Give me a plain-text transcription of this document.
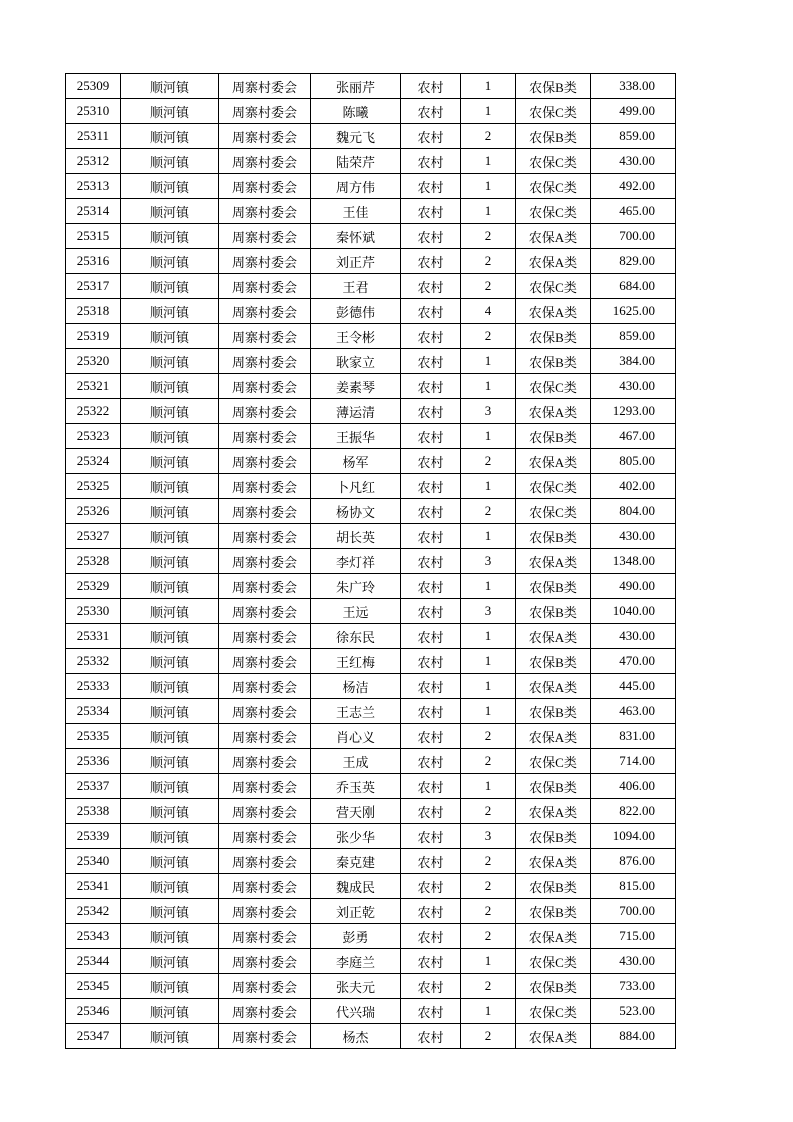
25309	顺河镇	周寨村委会	张丽芹	农村	1	农保B类	338.00
25310	顺河镇	周寨村委会	陈曦	农村	1	农保C类	499.00
25311	顺河镇	周寨村委会	魏元飞	农村	2	农保B类	859.00
25312	顺河镇	周寨村委会	陆荣芹	农村	1	农保C类	430.00
25313	顺河镇	周寨村委会	周方伟	农村	1	农保C类	492.00
25314	顺河镇	周寨村委会	王佳	农村	1	农保C类	465.00
25315	顺河镇	周寨村委会	秦怀斌	农村	2	农保A类	700.00
25316	顺河镇	周寨村委会	刘正芹	农村	2	农保A类	829.00
25317	顺河镇	周寨村委会	王君	农村	2	农保C类	684.00
25318	顺河镇	周寨村委会	彭德伟	农村	4	农保A类	1625.00
25319	顺河镇	周寨村委会	王令彬	农村	2	农保B类	859.00
25320	顺河镇	周寨村委会	耿家立	农村	1	农保B类	384.00
25321	顺河镇	周寨村委会	姜素琴	农村	1	农保C类	430.00
25322	顺河镇	周寨村委会	薄运清	农村	3	农保A类	1293.00
25323	顺河镇	周寨村委会	王振华	农村	1	农保B类	467.00
25324	顺河镇	周寨村委会	杨军	农村	2	农保A类	805.00
25325	顺河镇	周寨村委会	卜凡红	农村	1	农保C类	402.00
25326	顺河镇	周寨村委会	杨协文	农村	2	农保C类	804.00
25327	顺河镇	周寨村委会	胡长英	农村	1	农保B类	430.00
25328	顺河镇	周寨村委会	李灯祥	农村	3	农保A类	1348.00
25329	顺河镇	周寨村委会	朱广玲	农村	1	农保B类	490.00
25330	顺河镇	周寨村委会	王远	农村	3	农保B类	1040.00
25331	顺河镇	周寨村委会	徐东民	农村	1	农保A类	430.00
25332	顺河镇	周寨村委会	王红梅	农村	1	农保B类	470.00
25333	顺河镇	周寨村委会	杨洁	农村	1	农保A类	445.00
25334	顺河镇	周寨村委会	王志兰	农村	1	农保B类	463.00
25335	顺河镇	周寨村委会	肖心义	农村	2	农保A类	831.00
25336	顺河镇	周寨村委会	王成	农村	2	农保C类	714.00
25337	顺河镇	周寨村委会	乔玉英	农村	1	农保B类	406.00
25338	顺河镇	周寨村委会	营天刚	农村	2	农保A类	822.00
25339	顺河镇	周寨村委会	张少华	农村	3	农保B类	1094.00
25340	顺河镇	周寨村委会	秦克建	农村	2	农保A类	876.00
25341	顺河镇	周寨村委会	魏成民	农村	2	农保B类	815.00
25342	顺河镇	周寨村委会	刘正乾	农村	2	农保B类	700.00
25343	顺河镇	周寨村委会	彭勇	农村	2	农保A类	715.00
25344	顺河镇	周寨村委会	李庭兰	农村	1	农保C类	430.00
25345	顺河镇	周寨村委会	张夫元	农村	2	农保B类	733.00
25346	顺河镇	周寨村委会	代兴瑞	农村	1	农保C类	523.00
25347	顺河镇	周寨村委会	杨杰	农村	2	农保A类	884.00
